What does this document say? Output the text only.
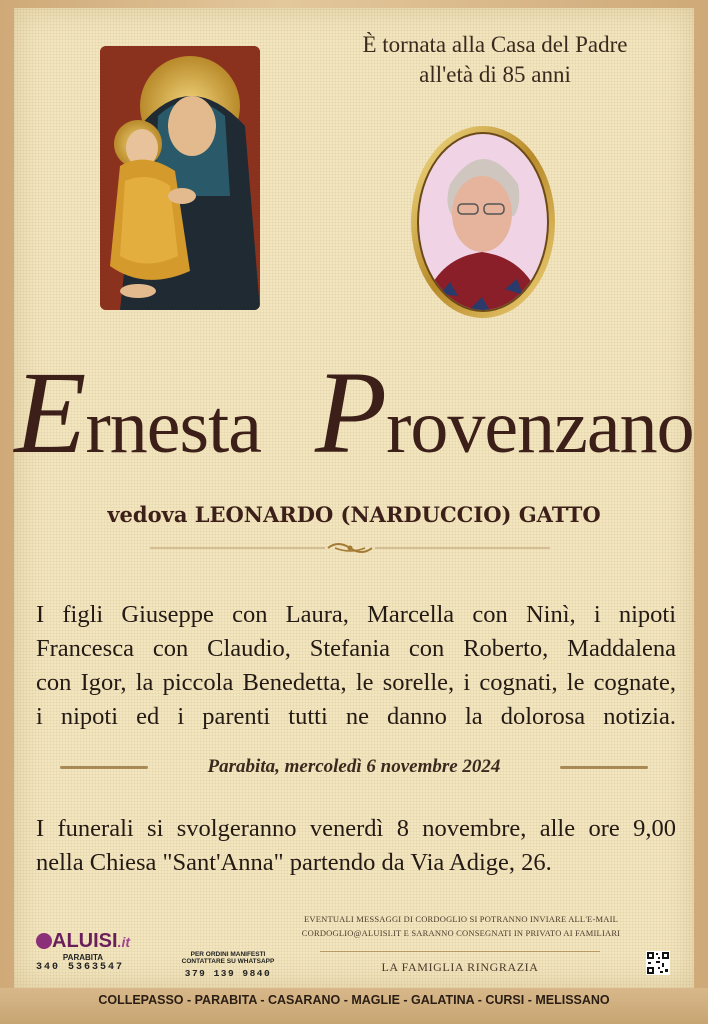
È tornata alla Casa del Padre
all'età di 85 anni
Ernesta Provenzano
vedova LEONARDO (NARDUCCIO) GATTO
I figli Giuseppe con Laura, Marcella con Ninì, i nipoti
Francesca con Claudio, Stefania con Roberto, Maddalena
con Igor, la piccola Benedetta, le sorelle, i cognati, le cognate,
i nipoti ed i parenti tutti ne danno la dolorosa notizia.
Parabita, mercoledì 6 novembre 2024
I funerali si svolgeranno venerdì 8 novembre, alle ore 9,00
nella Chiesa "Sant'Anna" partendo da Via Adige, 26.
EVENTUALI MESSAGGI DI CORDOGLIO SI POTRANNO INVIARE ALL'E-MAIL
CORDOGLIO@ALUISI.IT E SARANNO CONSEGNATI IN PRIVATO AI FAMILIARI
LA FAMIGLIA RINGRAZIA
ALUISI.it
PARABITA
340 5363547
PER ORDINI MANIFESTI
CONTATTARE SU WHATSAPP
379 139 9840
COLLEPASSO - PARABITA - CASARANO - MAGLIE - GALATINA - CURSI - MELISSANO
